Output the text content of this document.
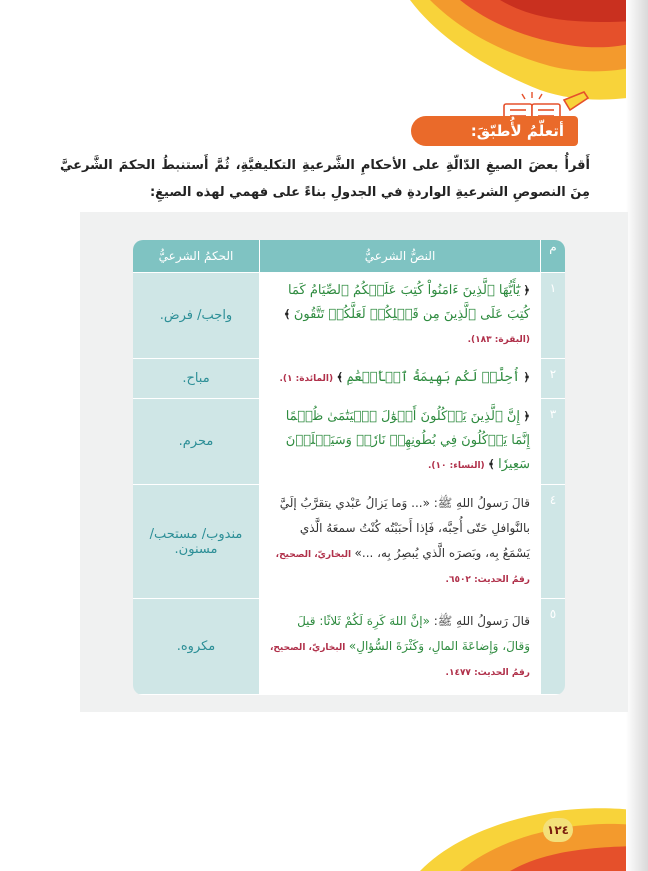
أتعلّمُ لأُطبّقَ:
أَقرأُ بعضَ الصيغِ الدّالّةِ على الأحكامِ الشَّرعيةِ التكليفيَّةِ، ثُمَّ أَستنبطُ الحكمَ الشَّرعيَّ مِنَ النصوصِ الشرعيةِ الواردةِ في الجدولِ بناءً على فهمي لهذه الصيغِ:
م	النصُّ الشرعيُّ	الحكمُ الشرعيُّ
١	﴿ يَٰٓأَيُّهَا ٱلَّذِينَ ءَامَنُواْ كُتِبَ عَلَيۡكُمُ ٱلصِّيَامُ كَمَا كُتِبَ عَلَى ٱلَّذِينَ مِن قَبۡلِكُمۡ لَعَلَّكُمۡ تَتَّقُونَ ﴾ (البقرة: ١٨٣).	واجب/ فرض.
٢	﴿ أُحِلَّتۡ لَكُم بَهِيمَةُ ٱلۡأَنۡعَٰمِ ﴾ (المائدة: ١).	مباح.
٣	﴿ إِنَّ ٱلَّذِينَ يَأۡكُلُونَ أَمۡوَٰلَ ٱلۡيَتَٰمَىٰ ظُلۡمًا إِنَّمَا يَأۡكُلُونَ فِي بُطُونِهِمۡ نَارٗاۖ وَسَيَصۡلَوۡنَ سَعِيرٗا ﴾ (النساء: ١٠).	محرم.
٤	قالَ رَسولُ اللهِ ﷺ: «... وَما يَزالُ عَبْدي يتقرَّبُ إلَيَّ بالنَّوافلِ حَتّى أُحِبَّه، فَإذا أَحبَبْتُه كُنْتُ سمعَهُ الَّذي يَسْمَعُ بِه، وبَصرَه الَّذي يُبصِرُ بِه، ...» البخاريّ، الصحيح، رقمُ الحديث: ٦٥٠٢.	مندوب/ مستحب/ مسنون.
٥	قالَ رَسولُ اللهِ ﷺ: «إنَّ اللهَ كَرِهَ لَكُمْ ثَلاثًا: قيلَ وَقالَ، وَإِضاعَةَ المالِ، وَكَثْرَةَ السُّؤالِ» البخاريّ، الصحيح، رقمُ الحديث: ١٤٧٧.	مكروه.
١٢٤
